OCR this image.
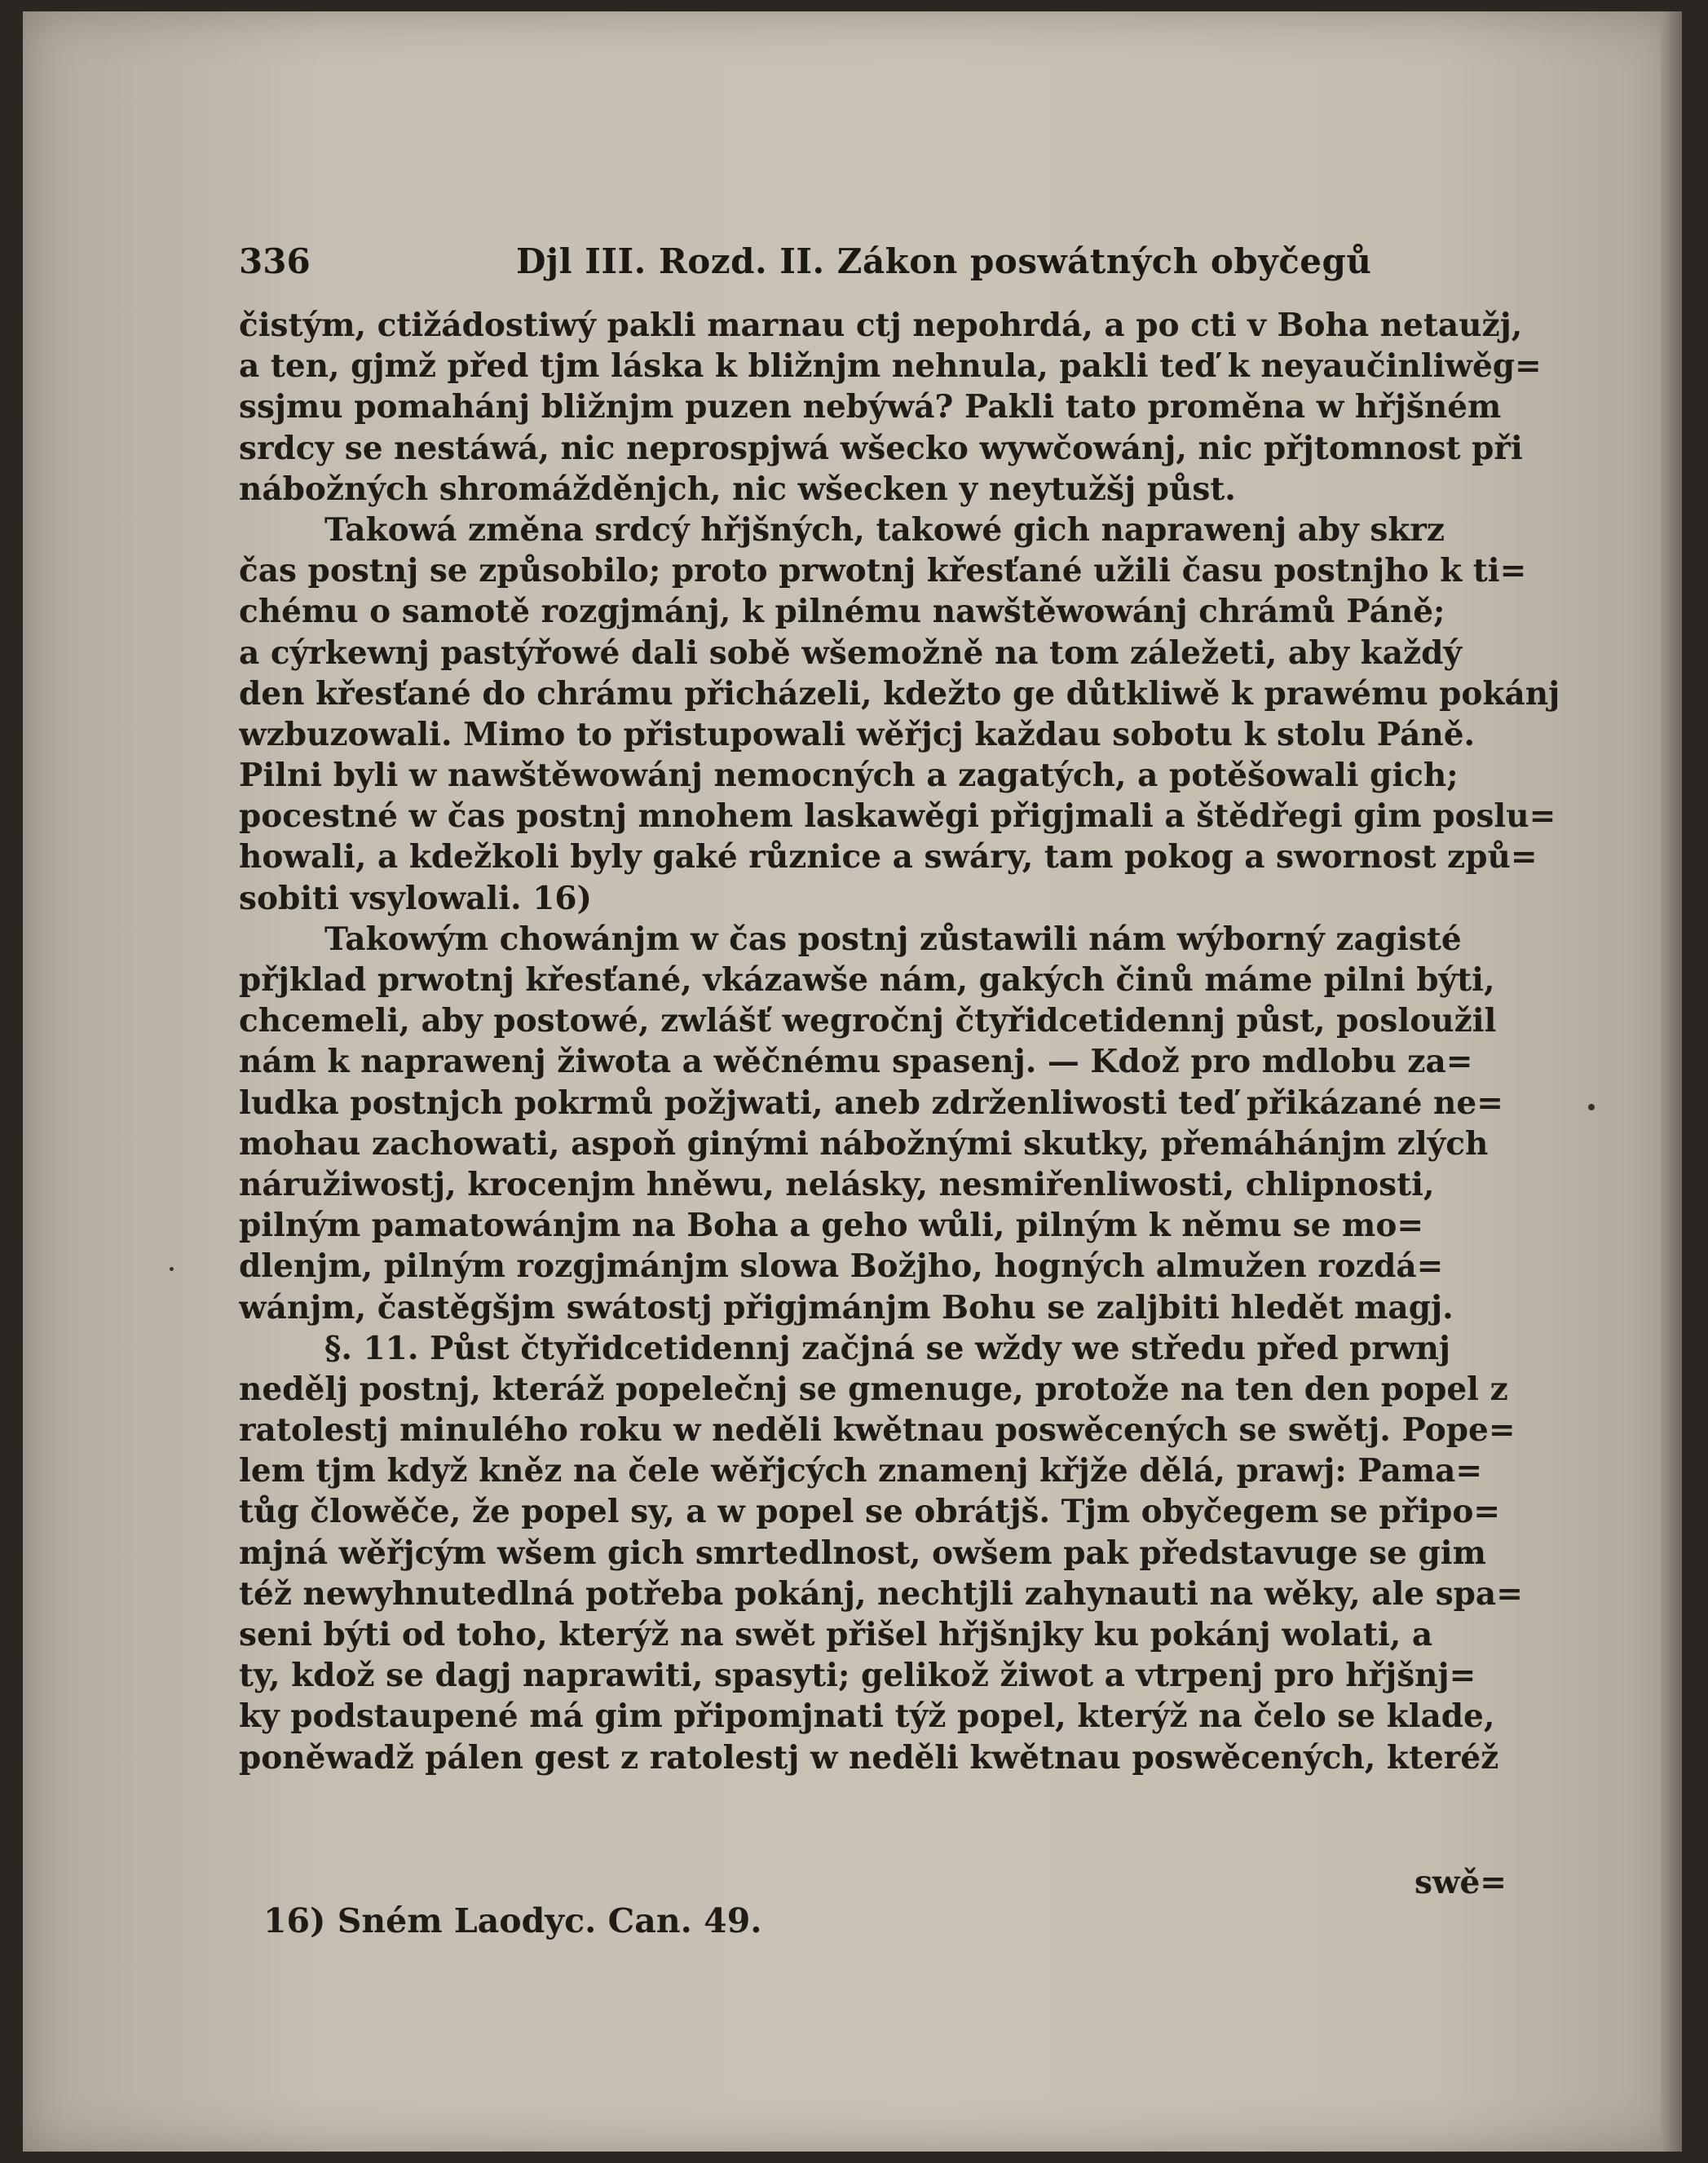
336	Djl III. Rozd. II. Zákon poswátných obyčegů
čistým, ctižádostiwý pakli marnau ctj nepohrdá, a po cti v Boha netaužj,
a ten, gjmž před tjm láska k bližnjm nehnula, pakli teď k neyaučinliwěg=
ssjmu pomahánj bližnjm puzen nebýwá? Pakli tato proměna w hřjšném
srdcy se nestáwá, nic neprospjwá wšecko wywčowánj, nic přjtomnost při
nábožných shromážděnjch, nic wšecken y neytužšj půst.
Takowá změna srdcý hřjšných, takowé gich naprawenj aby skrz
čas postnj se způsobilo; proto prwotnj křesťané užili času postnjho k ti=
chému o samotě rozgjmánj, k pilnému nawštěwowánj chrámů Páně;
a cýrkewnj pastýřowé dali sobě wšemožně na tom záležeti, aby každý
den křesťané do chrámu přicházeli, kdežto ge důtkliwě k prawému pokánj
wzbuzowali. Mimo to přistupowali wěřjcj každau sobotu k stolu Páně.
Pilni byli w nawštěwowánj nemocných a zagatých, a potěšowali gich;
pocestné w čas postnj mnohem laskawěgi přigjmali a štědřegi gim poslu=
howali, a kdežkoli byly gaké různice a swáry, tam pokog a swornost způ=
sobiti vsylowali. 16)
Takowým chowánjm w čas postnj zůstawili nám wýborný zagisté
přjklad prwotnj křesťané, vkázawše nám, gakých činů máme pilni býti,
chcemeli, aby postowé, zwlášť wegročnj čtyřidcetidennj půst, posloužil
nám k naprawenj žiwota a wěčnému spasenj. — Kdož pro mdlobu za=
ludka postnjch pokrmů požjwati, aneb zdrženliwosti teď přikázané ne=
mohau zachowati, aspoň ginými nábožnými skutky, přemáhánjm zlých
náružiwostj, krocenjm hněwu, nelásky, nesmiřenliwosti, chlipnosti,
pilným pamatowánjm na Boha a geho wůli, pilným k němu se mo=
dlenjm, pilným rozgjmánjm slowa Božjho, hogných almužen rozdá=
wánjm, častěgšjm swátostj přigjmánjm Bohu se zaljbiti hledět magj.
§. 11. Půst čtyřidcetidennj začjná se wždy we středu před prwnj
nedělj postnj, kteráž popelečnj se gmenuge, protože na ten den popel z
ratolestj minulého roku w neděli kwětnau poswěcených se swětj. Pope=
lem tjm když kněz na čele wěřjcých znamenj křjže dělá, prawj: Pama=
tůg člowěče, že popel sy, a w popel se obrátjš. Tjm obyčegem se připo=
mjná wěřjcým wšem gich smrtedlnost, owšem pak představuge se gim
též newyhnutedlná potřeba pokánj, nechtjli zahynauti na wěky, ale spa=
seni býti od toho, kterýž na swět přišel hřjšnjky ku pokánj wolati, a
ty, kdož se dagj naprawiti, spasyti; gelikož žiwot a vtrpenj pro hřjšnj=
ky podstaupené má gim připomjnati týž popel, kterýž na čelo se klade,
poněwadž pálen gest z ratolestj w neděli kwětnau poswěcených, kteréž
swě=
16) Sném Laodyc. Can. 49.
